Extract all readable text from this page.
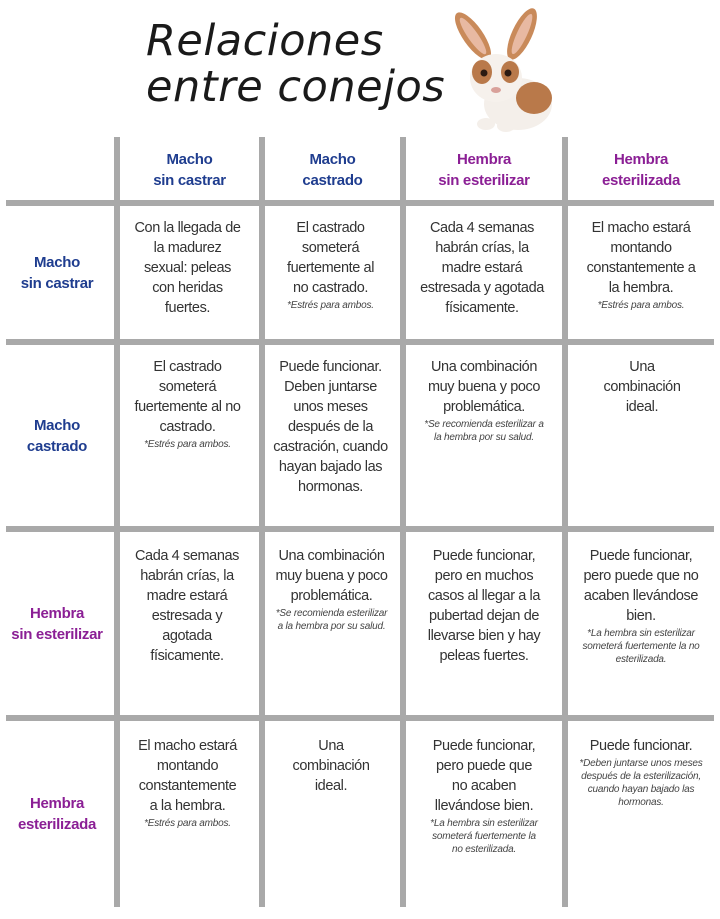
Relaciones
entre conejos
Macho
sin castrar
Macho
castrado
Hembra
sin esterilizar
Hembra
esterilizada
Macho
sin castrar
Macho
castrado
Hembra
sin esterilizar
Hembra
esterilizada
Con la llegada de la madurez sexual: peleas con heridas fuertes.
El castrado someterá fuertemente al no castrado.
*Estrés para ambos.
Cada 4 semanas habrán crías, la madre estará estresada y agotada físicamente.
El macho estará montando constantemente a la hembra.
*Estrés para ambos.
El castrado someterá fuertemente al no castrado.
*Estrés para ambos.
Puede funcionar. Deben juntarse unos meses después de la castración, cuando hayan bajado las hormonas.
Una combinación muy buena y poco problemática.
*Se recomienda esterilizar a la hembra por su salud.
Una combinación ideal.
Cada 4 semanas habrán crías, la madre estará estresada y agotada físicamente.
Una combinación muy buena y poco problemática.
*Se recomienda esterilizar a la hembra por su salud.
Puede funcionar, pero en muchos casos al llegar a la pubertad dejan de llevarse bien y hay peleas fuertes.
Puede funcionar, pero puede que no acaben llevándose bien.
*La hembra sin esterilizar someterá fuertemente la no esterilizada.
El macho estará montando constantemente a la hembra.
*Estrés para ambos.
Una combinación ideal.
Puede funcionar, pero puede que no acaben llevándose bien.
*La hembra sin esterilizar someterá fuertemente la no esterilizada.
Puede funcionar.
*Deben juntarse unos meses después de la esterilización, cuando hayan bajado las hormonas.
